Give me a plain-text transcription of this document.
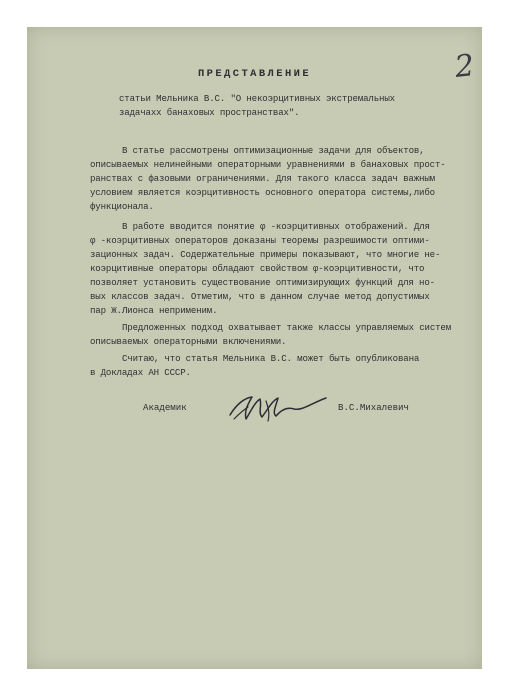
2
ПРЕДСТАВЛЕНИЕ
статьи Мельника В.С. "О некоэрцитивных экстремальных
задачахх банаховых пространствах".
В статье рассмотрены оптимизационные задачи для объектов,
описываемых нелинейными операторными уравнениями в банаховых прост-
ранствах с фазовыми ограничениями. Для такого класса задач важным
условием является коэрцитивность основного оператора системы,либо
функционала.
В работе вводится понятие φ -коэрцитивных отображений. Для
φ -коэрцитивных операторов доказаны теоремы разрешимости оптими-
зационных задач. Содержательные примеры показывают, что многие не-
коэрцитивные операторы обладают свойством φ-коэрцитивности, что
позволяет установить существование оптимизирующих функций для но-
вых классов задач. Отметим, что в данном случае метод допустимых
пар Ж.Лионса неприменим.
Предложенных подход охватывает также классы управляемых систем
описываемых операторными включениями.
Считаю, что статья Мельника В.С. может быть опубликована
в Докладах АН СССР.
Академик	В.С.Михалевич
